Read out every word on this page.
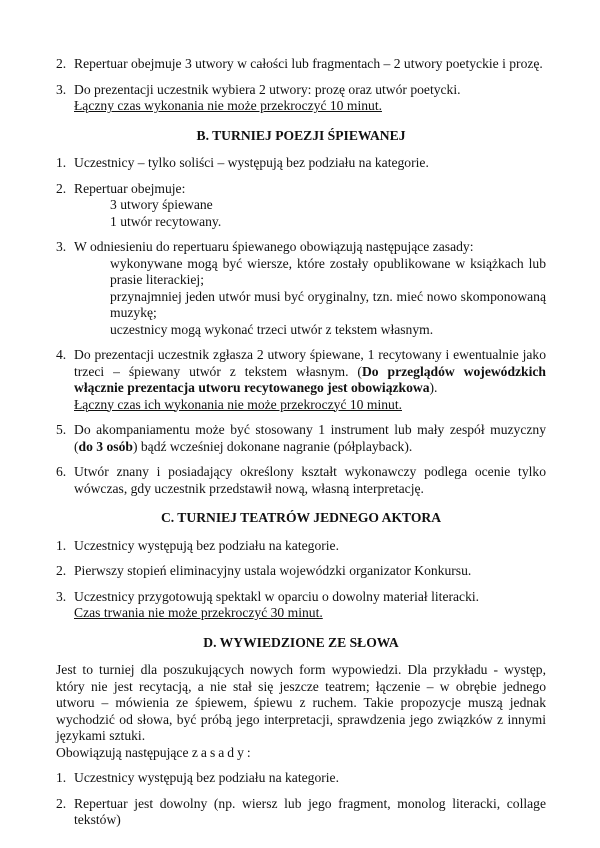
2. Repertuar obejmuje 3 utwory w całości lub fragmentach – 2 utwory poetyckie i prozę.
3. Do prezentacji uczestnik wybiera 2 utwory: prozę oraz utwór poetycki.
Łączny czas wykonania nie może przekroczyć 10 minut.
B. TURNIEJ POEZJI ŚPIEWANEJ
1. Uczestnicy – tylko soliści – występują bez podziału na kategorie.
2. Repertuar obejmuje:
3 utwory śpiewane
1 utwór recytowany.
3. W odniesieniu do repertuaru śpiewanego obowiązują następujące zasady:
wykonywane mogą być wiersze, które zostały opublikowane w książkach lub prasie literackiej;
przynajmniej jeden utwór musi być oryginalny, tzn. mieć nowo skomponowaną muzykę;
uczestnicy mogą wykonać trzeci utwór z tekstem własnym.
4. Do prezentacji uczestnik zgłasza 2 utwory śpiewane, 1 recytowany i ewentualnie jako trzeci – śpiewany utwór z tekstem własnym. (Do przeglądów wojewódzkich włącznie prezentacja utworu recytowanego jest obowiązkowa).
Łączny czas ich wykonania nie może przekroczyć 10 minut.
5. Do akompaniamentu może być stosowany 1 instrument lub mały zespół muzyczny (do 3 osób) bądź wcześniej dokonane nagranie (półplayback).
6. Utwór znany i posiadający określony kształt wykonawczy podlega ocenie tylko wówczas, gdy uczestnik przedstawił nową, własną interpretację.
C. TURNIEJ TEATRÓW JEDNEGO AKTORA
1. Uczestnicy występują bez podziału na kategorie.
2. Pierwszy stopień eliminacyjny ustala wojewódzki organizator Konkursu.
3. Uczestnicy przygotowują spektakl w oparciu o dowolny materiał literacki.
Czas trwania nie może przekroczyć 30 minut.
D. WYWIEDZIONE ZE SŁOWA

Jest to turniej dla poszukujących nowych form wypowiedzi. Dla przykładu - występ, który nie jest recytacją, a nie stał się jeszcze teatrem; łączenie – w obrębie jednego utworu – mówienia ze śpiewem, śpiewu z ruchem. Takie propozycje muszą jednak wychodzić od słowa, być próbą jego interpretacji, sprawdzenia jego związków z innymi językami sztuki.

Obowiązują następujące zasady:

1. Uczestnicy występują bez podziału na kategorie.
2. Repertuar jest dowolny (np. wiersz lub jego fragment, monolog literacki, collage tekstów)
